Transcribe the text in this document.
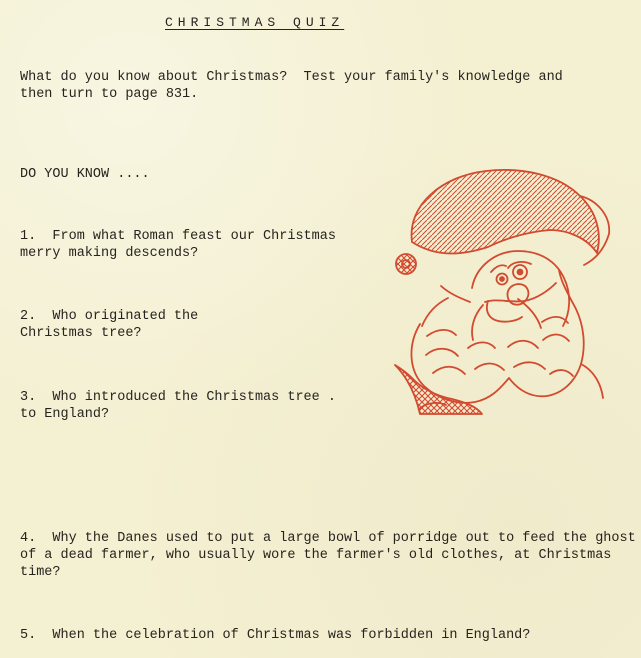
CHRISTMAS QUIZ
What do you know about Christmas?  Test your family's knowledge and
then turn to page 831.
DO YOU KNOW ....
1.  From what Roman feast our Christmas
merry making descends?
2.  Who originated the
Christmas tree?
3.  Who introduced the Christmas tree .
to England?
4.  Why the Danes used to put a large bowl of porridge out to feed the ghost
of a dead farmer, who usually wore the farmer's old clothes, at Christmas
time?
5.  When the celebration of Christmas was forbidden in England?
